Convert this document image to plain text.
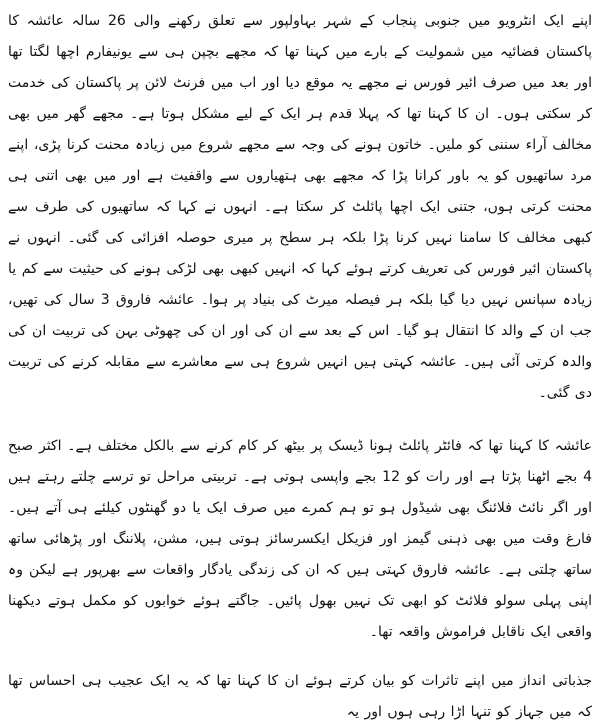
اپنے ایک انٹرویو میں جنوبی پنجاب کے شہر بہاولپور سے تعلق رکھنے والی 26 سالہ عائشہ کا پاکستان فضائیہ میں شمولیت کے بارے میں کہنا تھا کہ مجھے بچپن ہی سے یونیفارم اچھا لگتا تھا اور بعد میں صرف ائیر فورس نے مجھے یہ موقع دیا اور اب میں فرنٹ لائن پر پاکستان کی خدمت کر سکتی ہوں۔ ان کا کہنا تھا کہ پہلا قدم ہر ایک کے لیے مشکل ہوتا ہے۔ مجھے گھر میں بھی مخالف آراء سننی کو ملیں۔ خاتون ہونے کی وجہ سے مجھے شروع میں زیادہ محنت کرنا پڑی، اپنے مرد ساتھیوں کو یہ باور کرانا پڑا کہ مجھے بھی ہتھیاروں سے واقفیت ہے اور میں بھی اتنی ہی محنت کرتی ہوں، جتنی ایک اچھا پائلٹ کر سکتا ہے۔ انہوں نے کہا کہ ساتھیوں کی طرف سے کبھی مخالف کا سامنا نہیں کرنا پڑا بلکہ ہر سطح پر میری حوصلہ افزائی کی گئی۔ انہوں نے پاکستان ائیر فورس کی تعریف کرتے ہوئے کہا کہ انہیں کبھی بھی لڑکی ہونے کی حیثیت سے کم یا زیادہ سپانس نہیں دیا گیا بلکہ ہر فیصلہ میرٹ کی بنیاد پر ہوا۔ عائشہ فاروق 3 سال کی تھیں، جب ان کے والد کا انتقال ہو گیا۔ اس کے بعد سے ان کی اور ان کی چھوٹی بہن کی تربیت ان کی والدہ کرتی آئی ہیں۔ عائشہ کہتی ہیں انہیں شروع ہی سے معاشرے سے مقابلہ کرنے کی تربیت دی گئی۔

عائشہ کا کہنا تھا کہ فائٹر پائلٹ ہونا ڈیسک پر بیٹھ کر کام کرنے سے بالکل مختلف ہے۔ اکثر صبح 4 بجے اٹھنا پڑتا ہے اور رات کو 12 بجے واپسی ہوتی ہے۔ تربیتی مراحل تو ترسے چلتے رہتے ہیں اور اگر نائٹ فلائنگ بھی شیڈول ہو تو ہم کمرے میں صرف ایک یا دو گھنٹوں کیلئے ہی آتے ہیں۔ فارغ وقت میں بھی ذہنی گیمز اور فزیکل ایکسرسائز ہوتی ہیں، مشن، پلاننگ اور پڑھائی ساتھ ساتھ چلتی ہے۔ عائشہ فاروق کہتی ہیں کہ ان کی زندگی یادگار واقعات سے بھرپور ہے لیکن وہ اپنی پہلی سولو فلائٹ کو ابھی تک نہیں بھول پائیں۔ جاگتے ہوئے خوابوں کو مکمل ہوتے دیکھنا واقعی ایک ناقابل فراموش واقعہ تھا۔

جذباتی انداز میں اپنے تاثرات کو بیان کرتے ہوئے ان کا کہنا تھا کہ یہ ایک عجیب ہی احساس تھا کہ میں جہاز کو تنہا اڑا رہی ہوں اور یہ
